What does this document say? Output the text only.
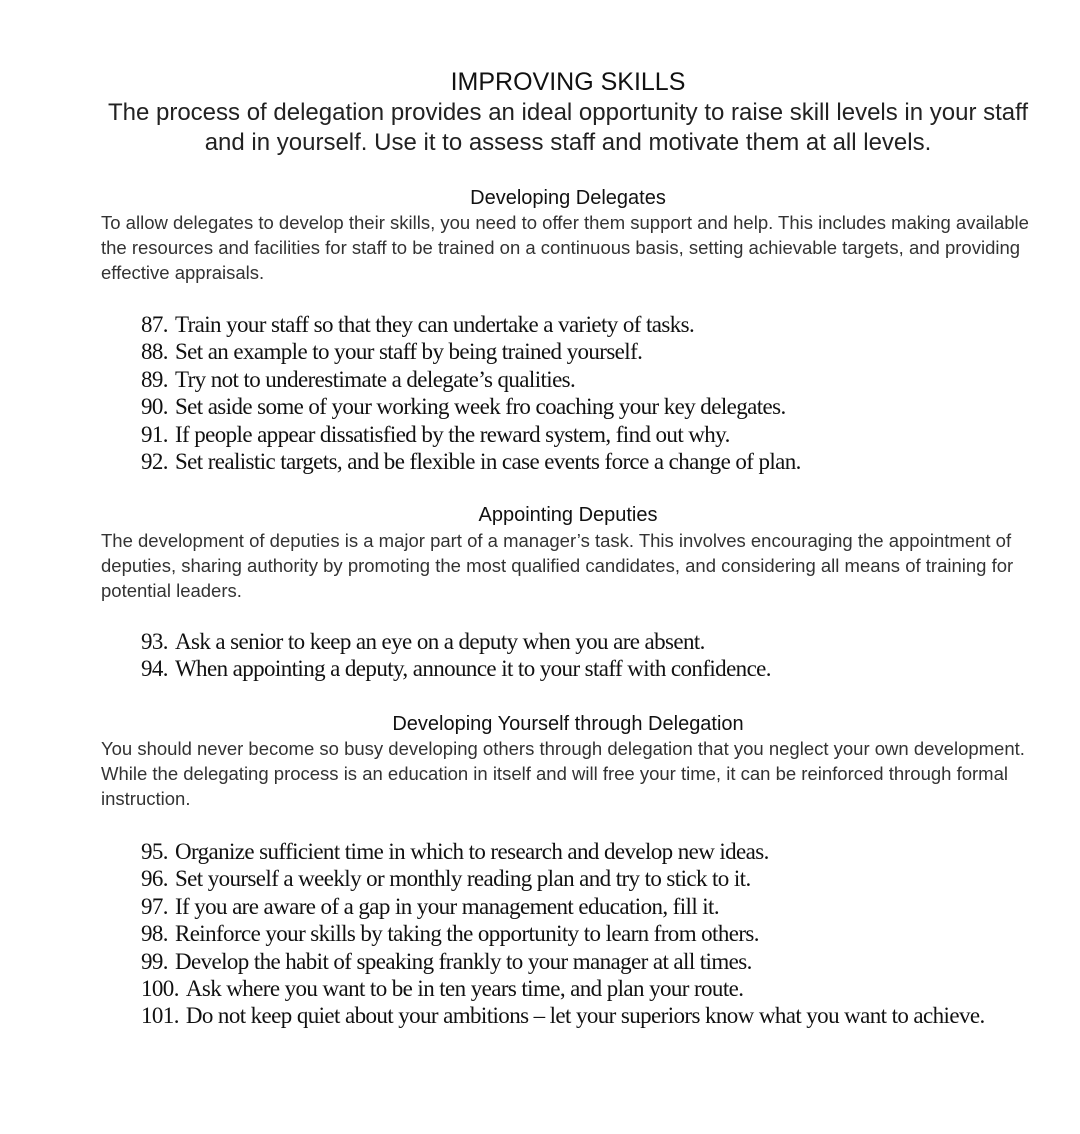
IMPROVING SKILLS
The process of delegation provides an ideal opportunity to raise skill levels in your staff and in yourself. Use it to assess staff and motivate them at all levels.
Developing Delegates
To allow delegates to develop their skills, you need to offer them support and help. This includes making available the resources and facilities for staff to be trained on a continuous basis, setting achievable targets, and providing effective appraisals.
87. Train your staff so that they can undertake a variety of tasks.
88. Set an example to your staff by being trained yourself.
89. Try not to underestimate a delegate’s qualities.
90. Set aside some of your working week fro coaching your key delegates.
91. If people appear dissatisfied by the reward system, find out why.
92. Set realistic targets, and be flexible in case events force a change of plan.
Appointing Deputies
The development of deputies is a major part of a manager’s task. This involves encouraging the appointment of deputies, sharing authority by promoting the most qualified candidates, and considering all means of training for potential leaders.
93. Ask a senior to keep an eye on a deputy when you are absent.
94. When appointing a deputy, announce it to your staff with confidence.
Developing Yourself through Delegation
You should never become so busy developing others through delegation that you neglect your own development. While the delegating process is an education in itself and will free your time, it can be reinforced through formal instruction.
95. Organize sufficient time in which to research and develop new ideas.
96. Set yourself a weekly or monthly reading plan and try to stick to it.
97. If you are aware of a gap in your management education, fill it.
98. Reinforce your skills by taking the opportunity to learn from others.
99. Develop the habit of speaking frankly to your manager at all times.
100. Ask where you want to be in ten years time, and plan your route.
101. Do not keep quiet about your ambitions – let your superiors know what you want to achieve.
